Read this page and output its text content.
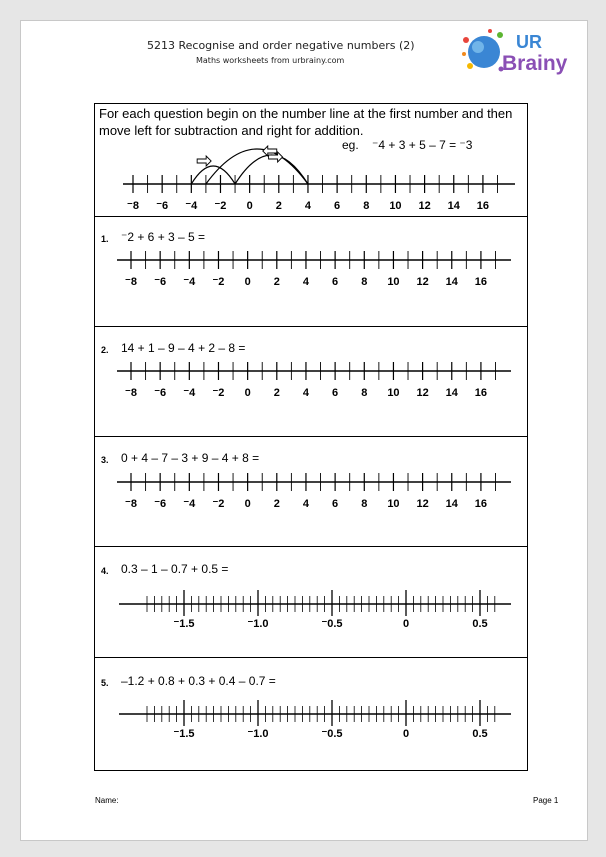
5213 Recognise and order negative numbers (2)
Maths worksheets from urbrainy.com
UR
Brainy
For each question begin on the number line at the first number and then move left for subtraction and right for addition.
eg. ⁻4 + 3 + 5 – 7 = ⁻3
⁻8 ⁻6 ⁻4 ⁻2 0 2 4 6 8 10 12 14 16
1. ⁻2 + 6 + 3 – 5 =
⁻8 ⁻6 ⁻4 ⁻2 0 2 4 6 8 10 12 14 16
2. 14 + 1 – 9 – 4 + 2 – 8 =
⁻8 ⁻6 ⁻4 ⁻2 0 2 4 6 8 10 12 14 16
3. 0 + 4 – 7 – 3 + 9 – 4 + 8 =
⁻8 ⁻6 ⁻4 ⁻2 0 2 4 6 8 10 12 14 16
4. 0.3 – 1 – 0.7 + 0.5 =
⁻1.5	⁻1.0	⁻0.5	0	0.5
5. –1.2 + 0.8 + 0.3 + 0.4 – 0.7 =
⁻1.5	⁻1.0	⁻0.5	0	0.5
Name:	Page 1
